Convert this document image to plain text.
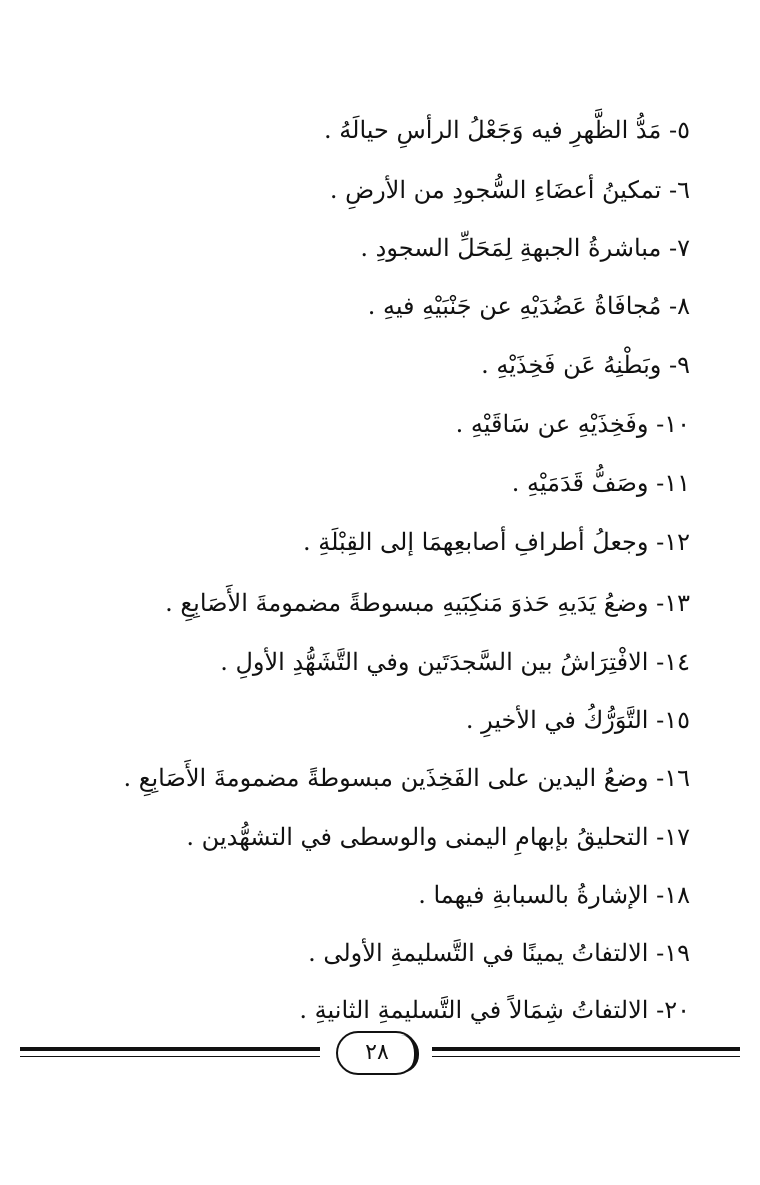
٥- مَدُّ الظَّهرِ فيه وَجَعْلُ الرأسِ حيالَهُ .
٦- تمكينُ أعضَاءِ السُّجودِ من الأرضِ .
٧- مباشرةُ الجبهةِ لِمَحَلِّ السجودِ .
٨- مُجافَاةُ عَضُدَيْهِ عن جَنْبَيْهِ فيهِ .
٩- وبَطْنِهُ عَن فَخِذَيْهِ .
١٠- وفَخِذَيْهِ عن سَاقَيْهِ .
١١- وصَفُّ قَدَمَيْهِ .
١٢- وجعلُ أطرافِ أصابعِهمَا إلى القِبْلَةِ .
١٣- وضعُ يَدَيهِ حَذوَ مَنكِبَيهِ مبسوطةً مضمومةَ الأَصَابِعِ .
١٤- الافْتِرَاشُ بين السَّجدَتَين وفي التَّشَهُّدِ الأولِ .
١٥- التَّوَرُّكُ في الأخيرِ .
١٦- وضعُ اليدين على الفَخِذَين مبسوطةً مضمومةَ الأَصَابِعِ .
١٧- التحليقُ بإبهامِ اليمنى والوسطى في التشهُّدين .
١٨- الإشارةُ بالسبابةِ فيهما .
١٩- الالتفاتُ يمينًا في التَّسليمةِ الأولى .
٢٠- الالتفاتُ شِمَالاً في التَّسليمةِ الثانيةِ .
٢٨
